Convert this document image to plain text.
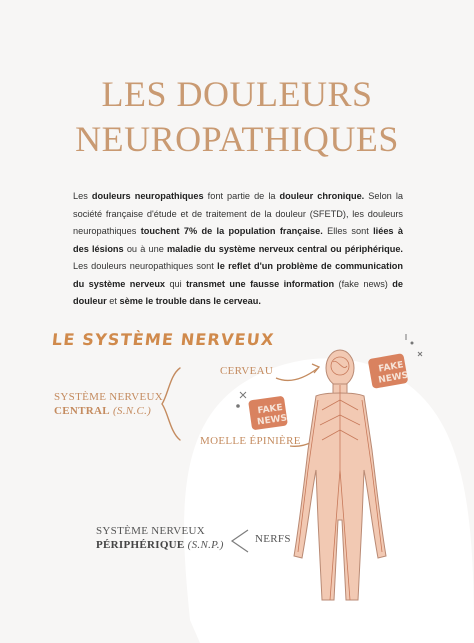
LES DOULEURS
NEUROPATHIQUES

Les douleurs neuropathiques font partie de la douleur chronique. Selon la société française d'étude et de traitement de la douleur (SFETD), les douleurs neuropathiques touchent 7% de la population française. Elles sont liées à des lésions ou à une maladie du système nerveux central ou périphérique. Les douleurs neuropathiques sont le reflet d'un problème de communication du système nerveux qui transmet une fausse information (fake news) de douleur et sème le trouble dans le cerveau.

FAKE
NEWS
FAKE
NEWS
LE SYSTÈME NERVEUX
SYSTÈME NERVEUX
CENTRAL (S.N.C.)
CERVEAU
MOELLE ÉPINIÈRE
SYSTÈME NERVEUX
PÉRIPHÉRIQUE (S.N.P.)	NERFS
